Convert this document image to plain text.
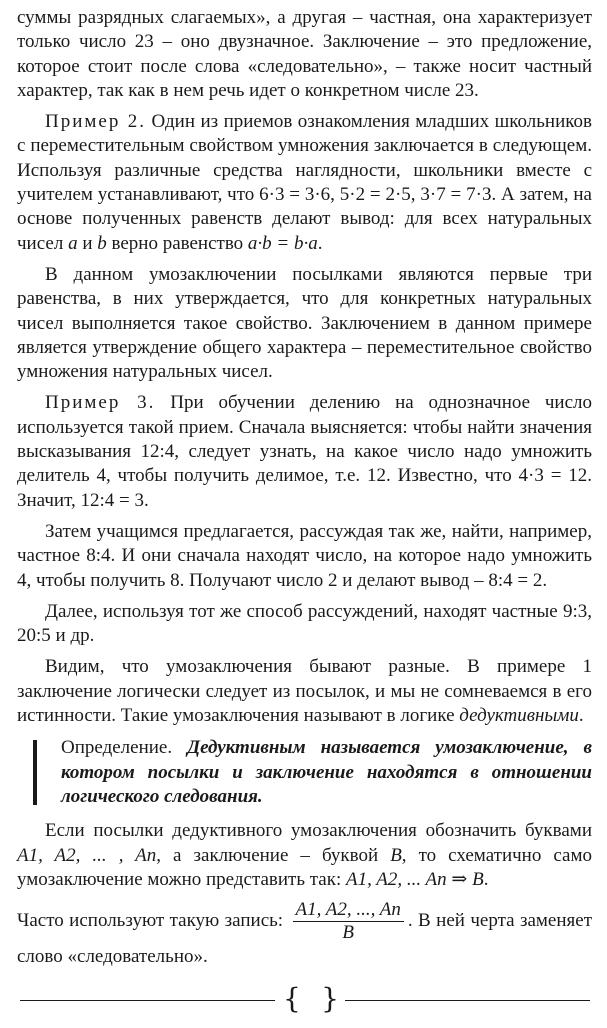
суммы разрядных слагаемых», а другая – частная, она характеризует только число 23 – оно двузначное. Заключение – это предложение, которое стоит после слова «следовательно», – также носит частный характер, так как в нем речь идет о конкретном числе 23.

Пример 2. Один из приемов ознакомления младших школьников с переместительным свойством умножения заключается в следующем. Используя различные средства наглядности, школьники вместе с учителем устанавливают, что 6·3 = 3·6, 5·2 = 2·5, 3·7 = 7·3. А затем, на основе полученных равенств делают вывод: для всех натуральных чисел a и b верно равенство a·b = b·a.

В данном умозаключении посылками являются первые три равенства, в них утверждается, что для конкретных натуральных чисел выполняется такое свойство. Заключением в данном примере является утверждение общего характера – переместительное свойство умножения натуральных чисел.

Пример 3. При обучении делению на однозначное число используется такой прием. Сначала выясняется: чтобы найти значения высказывания 12:4, следует узнать, на какое число надо умножить делитель 4, чтобы получить делимое, т.е. 12. Известно, что 4·3 = 12. Значит, 12:4 = 3.

Затем учащимся предлагается, рассуждая так же, найти, например, частное 8:4. И они сначала находят число, на которое надо умножить 4, чтобы получить 8. Получают число 2 и делают вывод – 8:4 = 2.

Далее, используя тот же способ рассуждений, находят частные 9:3, 20:5 и др.

Видим, что умозаключения бывают разные. В примере 1 заключение логически следует из посылок, и мы не сомневаемся в его истинности. Такие умозаключения называют в логике дедуктивными.

Определение. Дедуктивным называется умозаключение, в котором посылки и заключение находятся в отношении логического следования.

Если посылки дедуктивного умозаключения обозначить буквами A1, A2, ... , An, а заключение – буквой B, то схематично само умозаключение можно представить так: A1, A2, ... An ⇒ B.

Часто используют такую запись: $\frac{A1, A2, ..., An}{B}$ . В ней черта заменяет слово «следовательно».

{ }
